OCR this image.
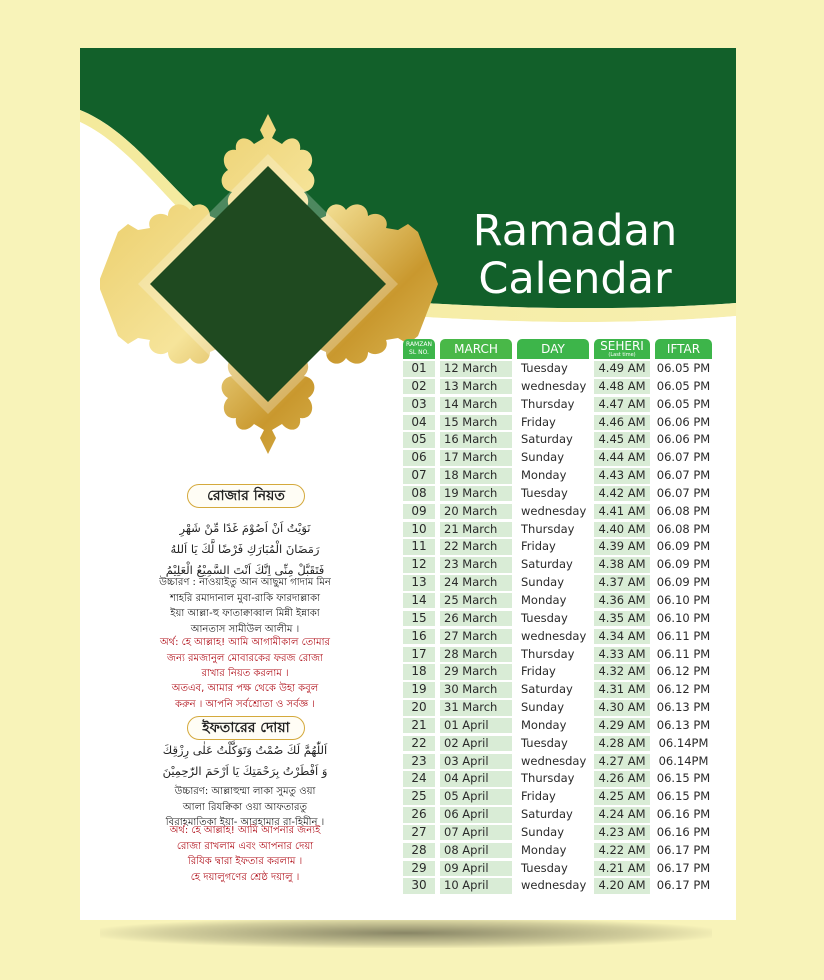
Ramadan
Calendar
রোজার নিয়ত
نَوَيْتُ اَنْ اَصُوْمَ غَدًا مِّنْ شَهْرِ
رَمَضَانَ الْمُبَارَكِ فَرْضًا لَّكَ يَا اَللهُ
فَتَقَبَّلْ مِنِّى اِنَّكَ اَنْتَ السَّمِيْعُ الْعَلِيْمُ
উচ্চারণ : নাওয়াইতু আন আছুমা গাদাম মিন
শাহরি রমাদানাল মুবা-রাকি ফারদাল্লাকা
ইয়া আল্লা-হু ফাতাক্বাব্বাল মিন্নী ইন্নাকা
আনতাস সামীউল আলীম ।
অর্থ: হে আল্লাহ! আমি আগামীকাল তোমার
জন্য রমজানুল মোবারকের ফরজ রোজা
রাখার নিয়ত করলাম ।
অতএব, আমার পক্ষ থেকে উহা কবুল
করুন । আপনি সর্বশ্রোতা ও সর্বজ্ঞ ।
ইফতারের দোয়া
اَللّٰهُمَّ لَكَ صُمْتُ وَتَوَكَّلْتُ عَلٰى رِزْقِكَ
وَ اَفْطَرْتُ بِرَحْمَتِكَ يَا اَرْحَمَ الرّٰحِمِيْنَ
উচ্চারণ: আল্লাহুম্মা লাকা সুমতু ওয়া
আলা রিযক্বিকা ওয়া আফতারতু
বিরাহমাতিকা ইয়া- আরহামার রা-হিমীন ।
অর্থ: হে আল্লাহ! আমি আপনার জন্যই
রোজা রাখলাম এবং আপনার দেয়া
রিযিক দ্বারা ইফতার করলাম ।
হে দয়ালুগণের শ্রেষ্ঠ দয়ালু ।
RAMZAN SL NO.	MARCH	DAY	SEHERI
(Last time)	IFTAR
01	12 March	Tuesday	4.49 AM 06.05 PM
02	13 March	wednesday	4.48 AM 06.05 PM
03	14 March	Thursday	4.47 AM 06.05 PM
04	15 March	Friday	4.46 AM 06.06 PM
05	16 March	Saturday	4.45 AM 06.06 PM
06	17 March	Sunday	4.44 AM 06.07 PM
07	18 March	Monday	4.43 AM 06.07 PM
08	19 March	Tuesday	4.42 AM 06.07 PM
09	20 March	wednesday	4.41 AM 06.08 PM
10	21 March	Thursday	4.40 AM 06.08 PM
11	22 March	Friday	4.39 AM 06.09 PM
12	23 March	Saturday	4.38 AM 06.09 PM
13	24 March	Sunday	4.37 AM 06.09 PM
14	25 March	Monday	4.36 AM 06.10 PM
15	26 March	Tuesday	4.35 AM 06.10 PM
16	27 March	wednesday	4.34 AM 06.11 PM
17	28 March	Thursday	4.33 AM 06.11 PM
18	29 March	Friday	4.32 AM 06.12 PM
19	30 March	Saturday	4.31 AM 06.12 PM
20	31 March	Sunday	4.30 AM 06.13 PM
21	01 April	Monday	4.29 AM 06.13 PM
22	02 April	Tuesday	4.28 AM	06.14PM
23	03 April	wednesday	4.27 AM	06.14PM
24	04 April	Thursday	4.26 AM 06.15 PM
25	05 April	Friday	4.25 AM 06.15 PM
26	06 April	Saturday	4.24 AM 06.16 PM
27	07 April	Sunday	4.23 AM 06.16 PM
28	08 April	Monday	4.22 AM 06.17 PM
29	09 April	Tuesday	4.21 AM 06.17 PM
30	10 April	wednesday	4.20 AM 06.17 PM
